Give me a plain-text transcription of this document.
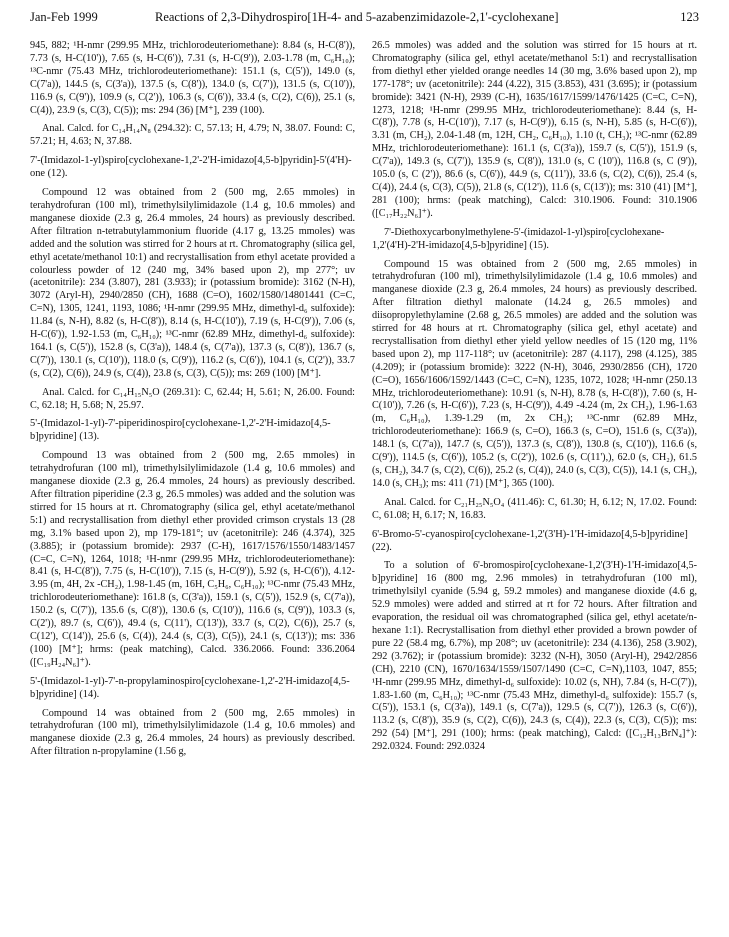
Jan-Feb 1999	Reactions of 2,3-Dihydrospiro[1H-4- and 5-azabenzimidazole-2,1'-cyclohexane]	123

945, 882; ¹H-nmr (299.95 MHz, trichlorodeuteriomethane): 8.84 (s, H-C(8')), 7.73 (s, H-C(10')), 7.65 (s, H-C(6')), 7.31 (s, H-C(9')), 2.03-1.78 (m, C₆H₁₀); ¹³C-nmr (75.43 MHz, trichlorodeuteriomethane): 151.1 (s, C(5')), 149.0 (s, C(7'a)), 144.5 (s, C(3'a)), 137.5 (s, C(8')), 134.0 (s, C(7')), 131.5 (s, C(10')), 116.9 (s, C(9')), 109.9 (s, C(2')), 106.3 (s, C(6')), 33.4 (s, C(2), C(6)), 25.1 (s, C(4)), 23.9 (s, C(3), C(5)); ms: 294 (36) [M⁺], 239 (100).

Anal. Calcd. for C₁₄H₁₄N₈ (294.32): C, 57.13; H, 4.79; N, 38.07. Found: C, 57.21; H, 4.63; N, 37.88.

7'-(Imidazol-1-yl)spiro[cyclohexane-1,2'-2'H-imidazo[4,5-b]pyridin]-5'(4'H)-one (12).

Compound 12 was obtained from 2 (500 mg, 2.65 mmoles) in terahydrofuran (100 ml), trimethylsilylimidazole (1.4 g, 10.6 mmoles) and manganese dioxide (2.3 g, 26.4 mmoles, 24 hours) as previously described. After filtration n-tetrabutylammonium fluoride (4.17 g, 13.25 mmoles) was added and the solution was stirred for 2 hours at rt. Chromatography (silica gel, ethyl acetate/methanol 10:1) and recrystallisation from ethyl acetate provided a colourless powder of 12 (240 mg, 34% based upon 2), mp 277°; uv (acetonitrile): 234 (3.807), 281 (3.933); ir (potassium bromide): 3162 (N-H), 3072 (Aryl-H), 2940/2850 (CH), 1688 (C=O), 1602/1580/14801441 (C=C, C=N), 1305, 1241, 1193, 1086; ¹H-nmr (299.95 MHz, dimethyl-d₆ sulfoxide): 11.84 (s, N-H), 8.82 (s, H-C(8')), 8.14 (s, H-C(10')), 7.19 (s, H-C(9')), 7.06 (s, H-C(6')), 1.92-1.53 (m, C₆H₁₀); ¹³C-nmr (62.89 MHz, dimethyl-d₆ sulfoxide): 164.1 (s, C(5')), 152.8 (s, C(3'a)), 148.4 (s, C(7'a)), 137.3 (s, C(8')), 136.7 (s, C(7')), 130.1 (s, C(10')), 118.0 (s, C(9')), 116.2 (s, C(6')), 104.1 (s, C(2')), 33.7 (s, C(2), C(6)), 24.9 (s, C(4)), 23.8 (s, C(3), C(5)); ms: 269 (100) [M⁺].

Anal. Calcd. for C₁₄H₁₅N₅O (269.31): C, 62.44; H, 5.61; N, 26.00. Found: C, 62.18; H, 5.68; N, 25.97.

5'-(Imidazol-1-yl)-7'-piperidinospiro[cyclohexane-1,2'-2'H-imidazo[4,5-b]pyridine] (13).

Compound 13 was obtained from 2 (500 mg, 2.65 mmoles) in tetrahydrofuran (100 ml), trimethylsilylimidazole (1.4 g, 10.6 mmoles) and manganese dioxide (2.3 g, 26.4 mmoles, 24 hours) as previously described. After filtration piperidine (2.3 g, 26.5 mmoles) was added and the solution was stirred for 15 hours at rt. Chromatography (silica gel, ethyl acetate/methanol 5:1) and recrystallisation from diethyl ether provided crimson crystals 13 (28 mg, 3.1% based upon 2), mp 179-181°; uv (acetonitrile): 246 (4.374), 325 (3.885); ir (potassium bromide): 2937 (C-H), 1617/1576/1550/1483/1457 (C=C, C=N), 1264, 1018; ¹H-nmr (299.95 MHz, trichlorodeuteriomethane): 8.41 (s, H-C(8')), 7.75 (s, H-C(10')), 7.15 (s, H-C(9')), 5.92 (s, H-C(6')), 4.12-3.95 (m, 4H, 2x -CH₂), 1.98-1.45 (m, 16H, C₅H₆, C₆H₁₀); ¹³C-nmr (75.43 MHz, trichlorodeuteriomethane): 161.8 (s, C(3'a)), 159.1 (s, C(5')), 152.9 (s, C(7'a)), 150.2 (s, C(7')), 135.6 (s, C(8')), 130.6 (s, C(10')), 116.6 (s, C(9')), 103.3 (s, C(2')), 89.7 (s, C(6')), 49.4 (s, C(11'), C(13')), 33.7 (s, C(2), C(6)), 25.7 (s, C(12'), C(14')), 25.6 (s, C(4)), 24.4 (s, C(3), C(5)), 24.1 (s, C(13')); ms: 336 (100) [M⁺]; hrms: (peak matching), Calcd. 336.2066. Found: 336.2064 ([C₁₉H₂₄N₆]⁺).

5'-(Imidazol-1-yl)-7'-n-propylaminospiro[cyclohexane-1,2'-2'H-imidazo[4,5-b]pyridine] (14).

Compound 14 was obtained from 2 (500 mg, 2.65 mmoles) in tetrahydrofuran (100 ml), trimethylsilylimidazole (1.4 g, 10.6 mmoles) and manganese dioxide (2.3 g, 26.4 mmoles, 24 hours) as previously described. After filtration n-propylamine (1.56 g,

26.5 mmoles) was added and the solution was stirred for 15 hours at rt. Chromatography (silica gel, ethyl acetate/methanol 5:1) and recrystallisation from diethyl ether yielded orange needles 14 (30 mg, 3.6% based upon 2), mp 177-178°; uv (acetonitrile): 244 (4.22), 315 (3.853), 431 (3.695); ir (potassium bromide): 3421 (N-H), 2939 (C-H), 1635/1617/1599/1476/1425 (C=C, C=N), 1273, 1218; ¹H-nmr (299.95 MHz, trichlorodeuteriomethane): 8.44 (s, H-C(8')), 7.78 (s, H-C(10')), 7.17 (s, H-C(9')), 6.15 (s, N-H), 5.85 (s, H-C(6')), 3.31 (m, CH₂), 2.04-1.48 (m, 12H, CH₂, C₆H₁₀), 1.10 (t, CH₃); ¹³C-nmr (62.89 MHz, trichlorodeuteriomethane): 161.1 (s, C(3'a)), 159.7 (s, C(5')), 151.9 (s, C(7'a)), 149.3 (s, C(7')), 135.9 (s, C(8')), 131.0 (s, C (10')), 116.8 (s, C (9')), 105.0 (s, C (2')), 86.6 (s, C(6')), 44.9 (s, C(11')), 33.6 (s, C(2), C(6)), 25.4 (s, C(4)), 24.4 (s, C(3), C(5)), 21.8 (s, C(12')), 11.6 (s, C(13')); ms: 310 (41) [M⁺], 281 (100); hrms: (peak matching), Calcd: 310.1906. Found: 310.1906 ([C₁₇H₂₂N₆]⁺).

7'-Diethoxycarbonylmethylene-5'-(imidazol-1-yl)spiro[cyclohexane-1,2'(4'H)-2'H-imidazo[4,5-b]pyridine] (15).

Compound 15 was obtained from 2 (500 mg, 2.65 mmoles) in tetrahydrofuran (100 ml), trimethylsilylimidazole (1.4 g, 10.6 mmoles) and manganese dioxide (2.3 g, 26.4 mmoles, 24 hours) as previously described. After filtration diethyl malonate (14.24 g, 26.5 mmoles) and diisopropylethylamine (2.68 g, 26.5 mmoles) are added and the solution was stirred for 48 hours at rt. Chromatography (silica gel, ethyl acetate) and recrystallisation from diethyl ether yield yellow needles of 15 (120 mg, 11% based upon 2), mp 117-118°; uv (acetonitrile): 287 (4.117), 298 (4.125), 385 (4.209); ir (potassium bromide): 3222 (N-H), 3046, 2930/2856 (CH), 1720 (C=O), 1656/1606/1592/1443 (C=C, C=N), 1235, 1072, 1028; ¹H-nmr (250.13 MHz, trichlorodeuteriomethane): 10.91 (s, N-H), 8.78 (s, H-C(8')), 7.60 (s, H-C(10')), 7.26 (s, H-C(6')), 7.23 (s, H-C(9')), 4.49 -4.24 (m, 2x CH₂), 1.96-1.63 (m, C₆H₁₀), 1.39-1.29 (m, 2x CH₃); ¹³C-nmr (62.89 MHz, trichlorodeuteriomethane): 166.9 (s, C=O), 166.3 (s, C=O), 151.6 (s, C(3'a)), 148.1 (s, C(7'a)), 147.7 (s, C(5')), 137.3 (s, C(8')), 130.8 (s, C(10')), 116.6 (s, C(9')), 114.5 (s, C(6')), 105.2 (s, C(2')), 102.6 (s, C(11'),), 62.0 (s, CH₂), 61.5 (s, CH₂), 34.7 (s, C(2), C(6)), 25.2 (s, C(4)), 24.0 (s, C(3), C(5)), 14.1 (s, CH₃), 14.0 (s, CH₃); ms: 411 (71) [M⁺], 365 (100).

Anal. Calcd. for C₂₁H₂₅N₅O₄ (411.46): C, 61.30; H, 6.12; N, 17.02. Found: C, 61.08; H, 6.17; N, 16.83.

6'-Bromo-5'-cyanospiro[cyclohexane-1,2'(3'H)-1'H-imidazo[4,5-b]pyridine] (22).

To a solution of 6'-bromospiro[cyclohexane-1,2'(3'H)-1'H-imidazo[4,5-b]pyridine] 16 (800 mg, 2.96 mmoles) in tetrahydrofuran (100 ml), trimethylsilyl cyanide (5.94 g, 59.2 mmoles) and manganese dioxide (4.6 g, 52.9 mmoles) were added and stirred at rt for 72 hours. After filtration and evaporation, the residual oil was chromatographed (silica gel, ethyl acetate/n-hexane 1:1). Recrystallisation from diethyl ether provided a brown powder of pure 22 (58.4 mg, 6.7%), mp 208°; uv (acetonitrile): 234 (4.136), 258 (3.902), 292 (3.762); ir (potassium bromide): 3232 (N-H), 3050 (Aryl-H), 2942/2856 (CH), 2210 (CN), 1670/1634/1559/1507/1490 (C=C, C=N),1103, 1047, 855; ¹H-nmr (299.95 MHz, dimethyl-d₆ sulfoxide): 10.02 (s, NH), 7.84 (s, H-C(7')), 1.83-1.60 (m, C₆H₁₀); ¹³C-nmr (75.43 MHz, dimethyl-d₆ sulfoxide): 155.7 (s, C(5')), 153.1 (s, C(3'a)), 149.1 (s, C(7'a)), 129.5 (s, C(7')), 126.3 (s, C(6')), 113.2 (s, C(8')), 35.9 (s, C(2), C(6)), 24.3 (s, C(4)), 22.3 (s, C(3), C(5)); ms: 292 (54) [M⁺], 291 (100); hrms: (peak matching), Calcd: ([C₁₂H₁₃BrN₄]⁺): 292.0324. Found: 292.0324
